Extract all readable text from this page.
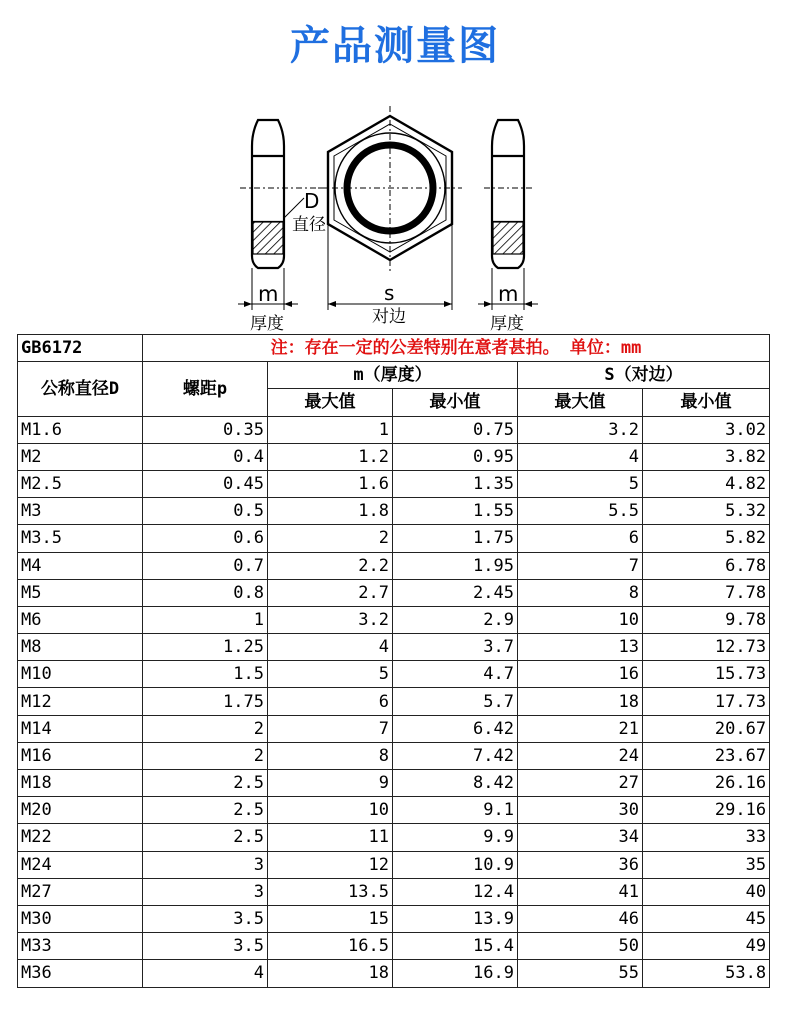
产品测量图
D
直径
m
厚度
s
对边
m
厚度
GB6172	注：存在一定的公差特别在意者甚拍。 单位：mm				
公称直径D	螺距p	m（厚度）		S（对边）	
		最大值	最小值	最大值	最小值
M1.6	0.35	1	0.75	3.2	3.02
M2	0.4	1.2	0.95	4	3.82
M2.5	0.45	1.6	1.35	5	4.82
M3	0.5	1.8	1.55	5.5	5.32
M3.5	0.6	2	1.75	6	5.82
M4	0.7	2.2	1.95	7	6.78
M5	0.8	2.7	2.45	8	7.78
M6	1	3.2	2.9	10	9.78
M8	1.25	4	3.7	13	12.73
M10	1.5	5	4.7	16	15.73
M12	1.75	6	5.7	18	17.73
M14	2	7	6.42	21	20.67
M16	2	8	7.42	24	23.67
M18	2.5	9	8.42	27	26.16
M20	2.5	10	9.1	30	29.16
M22	2.5	11	9.9	34	33
M24	3	12	10.9	36	35
M27	3	13.5	12.4	41	40
M30	3.5	15	13.9	46	45
M33	3.5	16.5	15.4	50	49
M36	4	18	16.9	55	53.8
